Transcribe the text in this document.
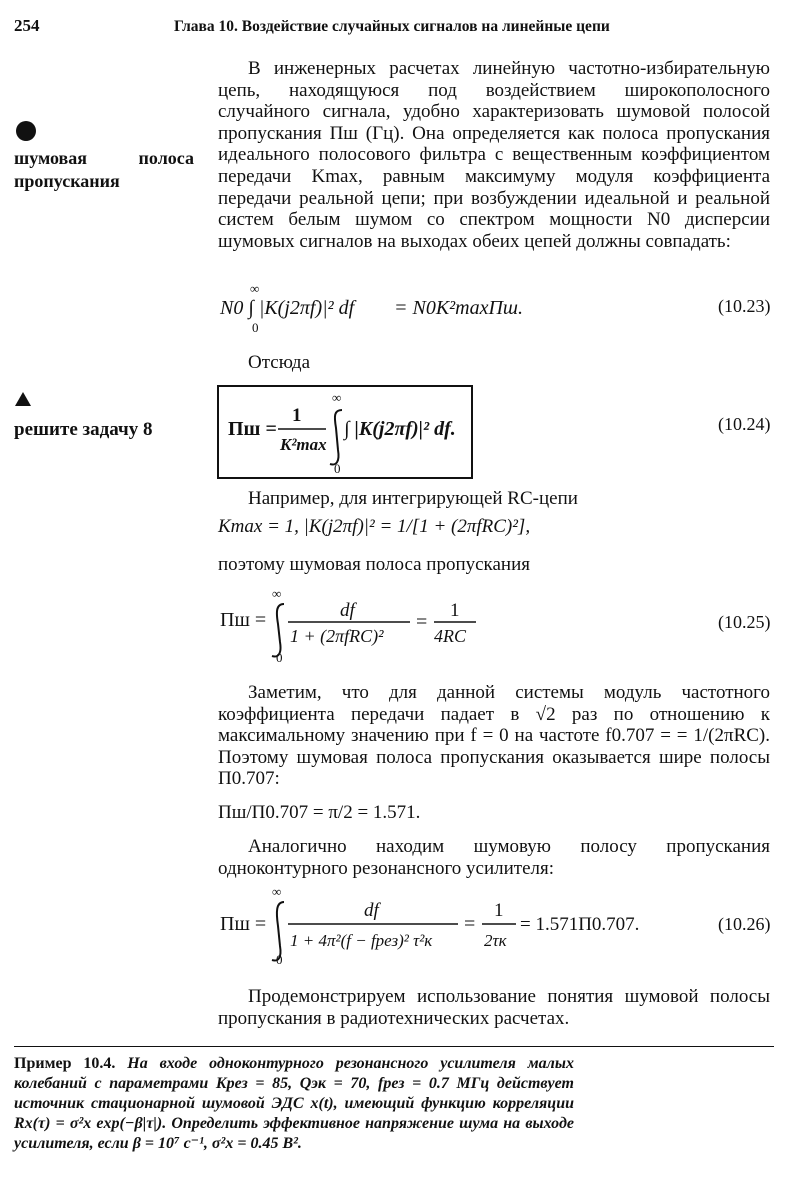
254	Глава 10. Воздействие случайных сигналов на линейные цепи
шумовая полоса
пропускания
решите задачу 8
В инженерных расчетах линейную частотно-избирательную цепь, находящуюся под воздействием широкополосного случайного сигнала, удобно характеризовать шумовой полосой пропускания Пш (Гц). Она определяется как полоса пропускания идеального полосового фильтра с вещественным коэффициентом передачи Kmax, равным максимуму модуля коэффициента передачи реальной цепи; при возбуждении идеальной и реальной систем белым шумом со спектром мощности N0 дисперсии шумовых сигналов на выходах обеих цепей должны совпадать:
N0 ∫ |K(j2πf)|² df
∞
0
= N0K²maxПш.	(10.23)
Отсюда
Пш =
1
K²max
∞
0
∫ |K(j2πf)|² df.	(10.24)
Например, для интегрирующей RC-цепи
Kmax = 1, |K(j2πf)|² = 1/[1 + (2πfRC)²],
поэтому шумовая полоса пропускания
Пш =
∞
0
df
1 + (2πfRC)²
=
1
4RC
(10.25)
Заметим, что для данной системы модуль частотного коэффициента передачи падает в √2 раз по отношению к максимальному значению при f = 0 на частоте f0.707 = = 1/(2πRC). Поэтому шумовая полоса пропускания оказывается шире полосы П0.707:
Пш/П0.707 = π/2 = 1.571.
Аналогично находим шумовую полосу пропускания одноконтурного резонансного усилителя:
Пш =
∞
0
df
1 + 4π²(f − fрез)² τ²к
=
1
2τк
= 1.571П0.707.	(10.26)
Продемонстрируем использование понятия шумовой полосы пропускания в радиотехнических расчетах.
Пример 10.4. На входе одноконтурного резонансного усилителя малых колебаний с параметрами Kрез = 85, Qэк = 70, fрез = 0.7 МГц действует источник стационарной шумовой ЭДС x(t), имеющий функцию корреляции Rx(τ) = σ²x exp(−β|τ|). Определить эффективное напряжение шума на выходе усилителя, если β = 10⁷ с⁻¹, σ²x = 0.45 В².
